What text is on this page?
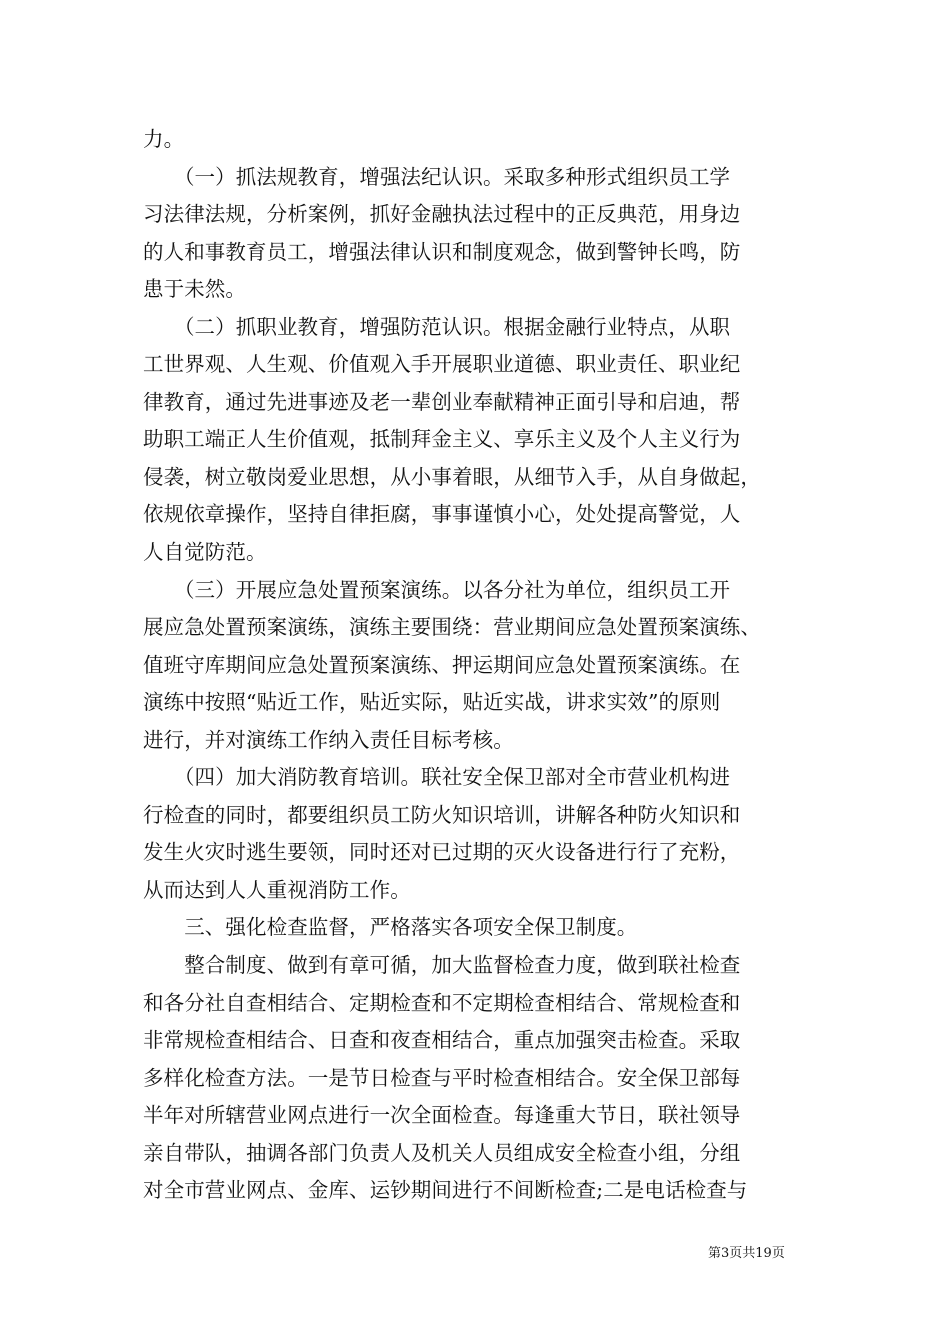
力。
　　（一）抓法规教育，增强法纪认识。采取多种形式组织员工学
习法律法规，分析案例，抓好金融执法过程中的正反典范，用身边
的人和事教育员工，增强法律认识和制度观念，做到警钟长鸣，防
患于未然。
　　（二）抓职业教育，增强防范认识。根据金融行业特点，从职
工世界观、人生观、价值观入手开展职业道德、职业责任、职业纪
律教育，通过先进事迹及老一辈创业奉献精神正面引导和启迪，帮
助职工端正人生价值观，抵制拜金主义、享乐主义及个人主义行为
侵袭，树立敬岗爱业思想，从小事着眼，从细节入手，从自身做起，
依规依章操作，坚持自律拒腐，事事谨慎小心，处处提高警觉，人
人自觉防范。
　　（三）开展应急处置预案演练。以各分社为单位，组织员工开
展应急处置预案演练，演练主要围绕：营业期间应急处置预案演练、
值班守库期间应急处置预案演练、押运期间应急处置预案演练。在
演练中按照“贴近工作，贴近实际，贴近实战，讲求实效”的原则
进行，并对演练工作纳入责任目标考核。
　　（四）加大消防教育培训。联社安全保卫部对全市营业机构进
行检查的同时，都要组织员工防火知识培训，讲解各种防火知识和
发生火灾时逃生要领，同时还对已过期的灭火设备进行行了充粉，
从而达到人人重视消防工作。
　　三、强化检查监督，严格落实各项安全保卫制度。
　　整合制度、做到有章可循，加大监督检查力度，做到联社检查
和各分社自查相结合、定期检查和不定期检查相结合、常规检查和
非常规检查相结合、日查和夜查相结合，重点加强突击检查。采取
多样化检查方法。一是节日检查与平时检查相结合。安全保卫部每
半年对所辖营业网点进行一次全面检查。每逢重大节日，联社领导
亲自带队，抽调各部门负责人及机关人员组成安全检查小组，分组
对全市营业网点、金库、运钞期间进行不间断检查;二是电话检查与
第3页共19页
